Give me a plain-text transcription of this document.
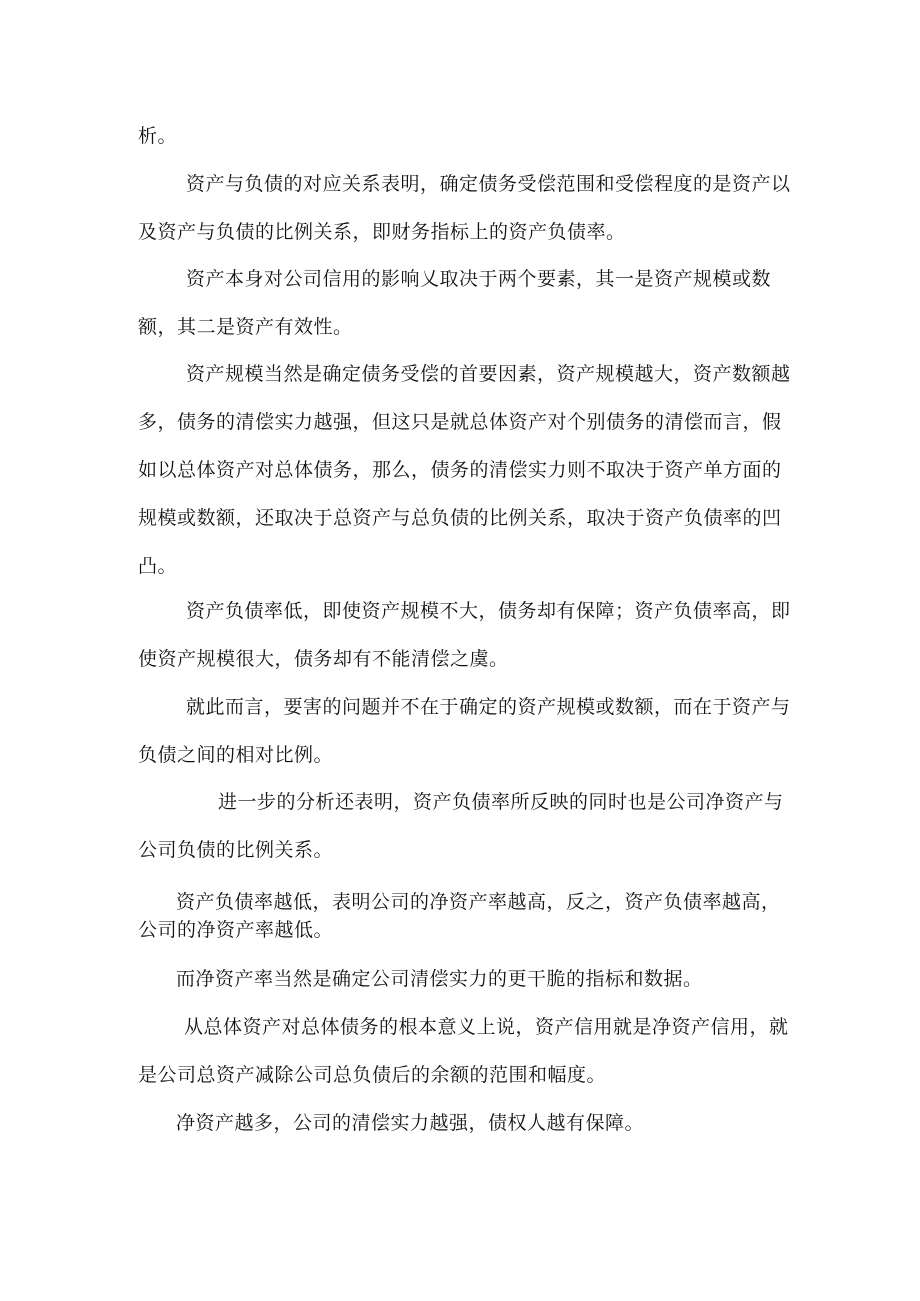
析。

资产与负债的对应关系表明，确定债务受偿范围和受偿程度的是资产以及资产与负债的比例关系，即财务指标上的资产负债率。

资产本身对公司信用的影响乂取决于两个要素，其一是资产规模或数额，其二是资产有效性。

资产规模当然是确定债务受偿的首要因素，资产规模越大，资产数额越多，债务的清偿实力越强，但这只是就总体资产对个别债务的清偿而言，假如以总体资产对总体债务，那么，债务的清偿实力则不取决于资产单方面的规模或数额，还取决于总资产与总负债的比例关系，取决于资产负债率的凹凸。

资产负债率低，即使资产规模不大，债务却有保障；资产负债率高，即使资产规模很大，债务却有不能清偿之虞。

就此而言，要害的问题并不在于确定的资产规模或数额，而在于资产与负债之间的相对比例。

进一步的分析还表明，资产负债率所反映的同时也是公司净资产与公司负债的比例关系。

资产负债率越低，表明公司的净资产率越高，反之，资产负债率越高，公司的净资产率越低。

而净资产率当然是确定公司清偿实力的更干脆的指标和数据。

从总体资产对总体债务的根本意义上说，资产信用就是净资产信用，就是公司总资产减除公司总负债后的余额的范围和幅度。

净资产越多，公司的清偿实力越强，债权人越有保障。
